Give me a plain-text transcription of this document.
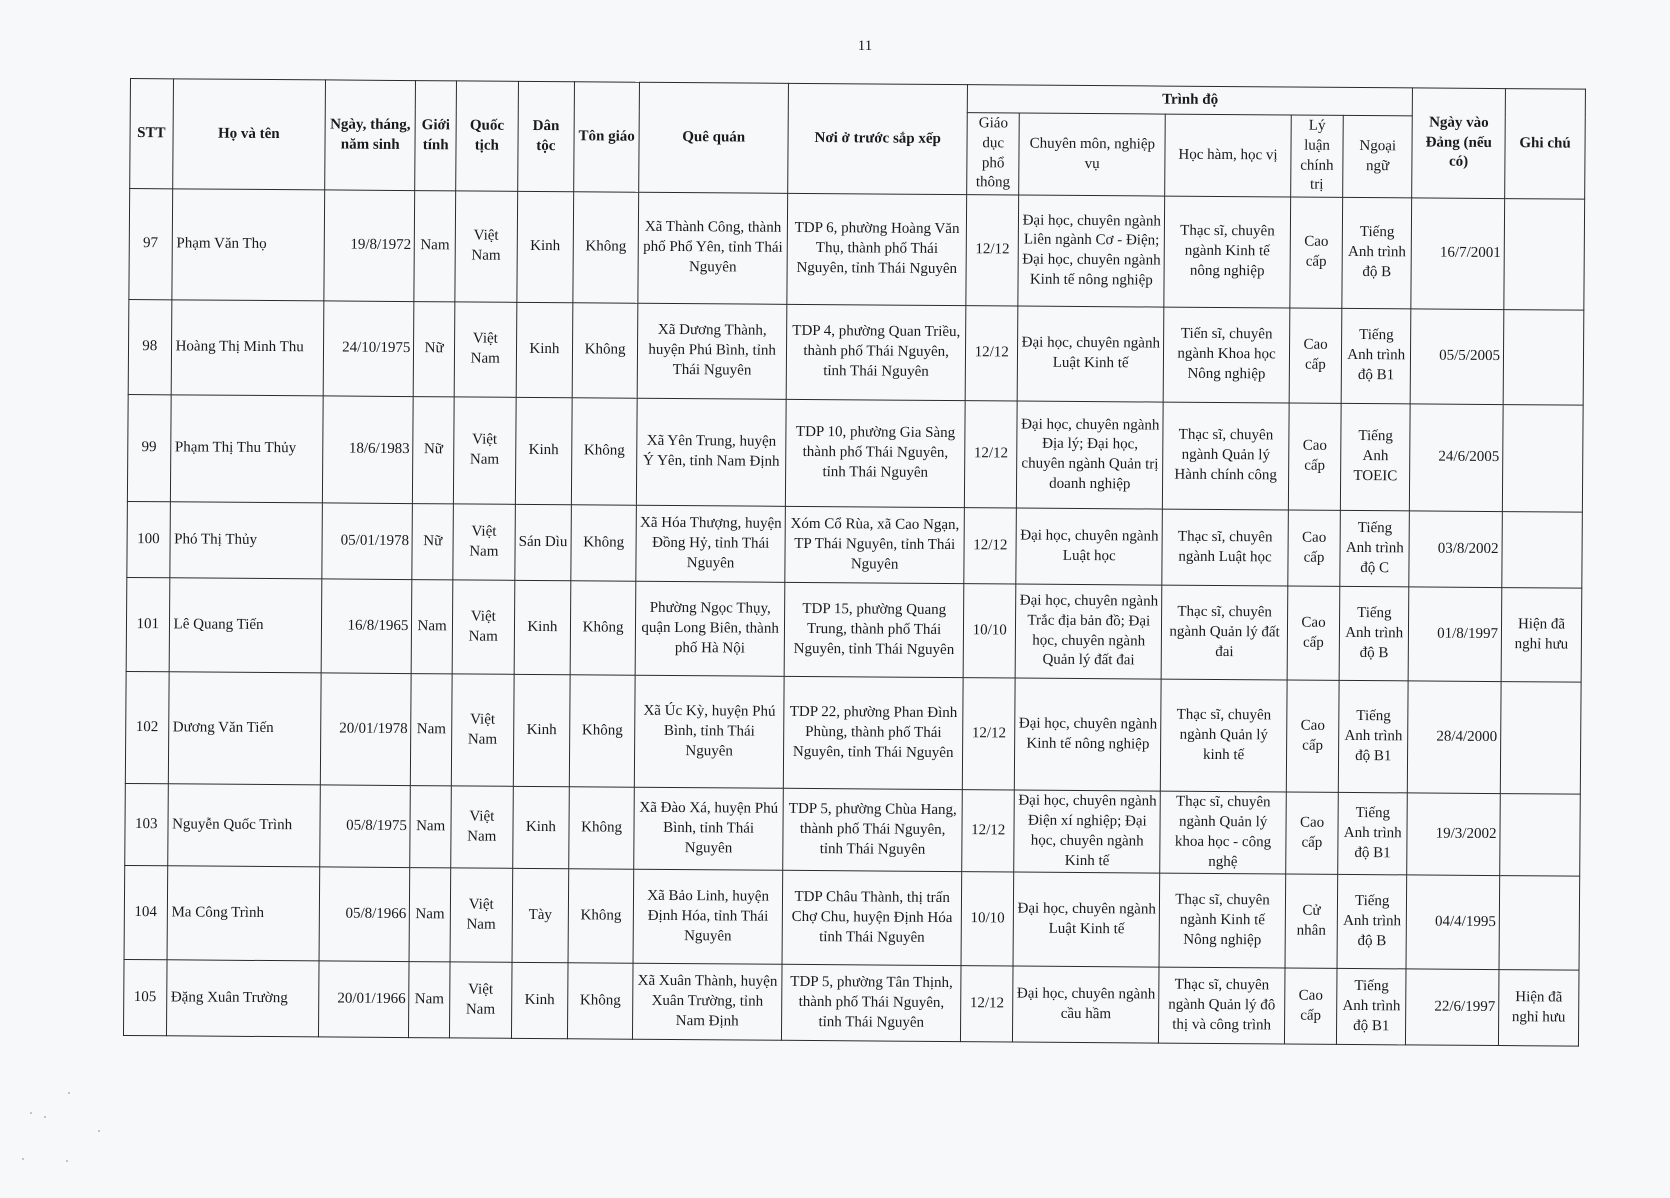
11
STT	Họ và tên	Ngày, tháng, năm sinh	Giới tính	Quốc tịch	Dân tộc	Tôn giáo	Quê quán	Nơi ở trước sắp xếp	Trình độ					Ngày vào Đảng (nếu có)	Ghi chú
									Giáo dục phổ thông	Chuyên môn, nghiệp vụ	Học hàm, học vị	Lý luận chính trị	Ngoại ngữ		
97	Phạm Văn Thọ	19/8/1972	Nam	Việt Nam	Kinh	Không	Xã Thành Công, thành phố Phổ Yên, tỉnh Thái Nguyên	TDP 6, phường Hoàng Văn Thụ, thành phố Thái Nguyên, tỉnh Thái Nguyên	12/12	Đại học, chuyên ngành Liên ngành Cơ - Điện; Đại học, chuyên ngành Kinh tế nông nghiệp	Thạc sĩ, chuyên ngành Kinh tế nông nghiệp	Cao cấp	Tiếng Anh trình độ B	16/7/2001	
98	Hoàng Thị Minh Thu	24/10/1975	Nữ	Việt Nam	Kinh	Không	Xã Dương Thành, huyện Phú Bình, tỉnh Thái Nguyên	TDP 4, phường Quan Triều, thành phố Thái Nguyên, tỉnh Thái Nguyên	12/12	Đại học, chuyên ngành Luật Kinh tế	Tiến sĩ, chuyên ngành Khoa học Nông nghiệp	Cao cấp	Tiếng Anh trình độ B1	05/5/2005	
99	Phạm Thị Thu Thủy	18/6/1983	Nữ	Việt Nam	Kinh	Không	Xã Yên Trung, huyện Ý Yên, tỉnh Nam Định	TDP 10, phường Gia Sàng thành phố Thái Nguyên, tỉnh Thái Nguyên	12/12	Đại học, chuyên ngành Địa lý; Đại học, chuyên ngành Quản trị doanh nghiệp	Thạc sĩ, chuyên ngành Quản lý Hành chính công	Cao cấp	Tiếng Anh TOEIC	24/6/2005	
100	Phó Thị Thủy	05/01/1978	Nữ	Việt Nam	Sán Dìu	Không	Xã Hóa Thượng, huyện Đồng Hỷ, tỉnh Thái Nguyên	Xóm Cổ Rùa, xã Cao Ngạn, TP Thái Nguyên, tỉnh Thái Nguyên	12/12	Đại học, chuyên ngành Luật học	Thạc sĩ, chuyên ngành Luật học	Cao cấp	Tiếng Anh trình độ C	03/8/2002	
101	Lê Quang Tiến	16/8/1965	Nam	Việt Nam	Kinh	Không	Phường Ngọc Thụy, quận Long Biên, thành phố Hà Nội	TDP 15, phường Quang Trung, thành phố Thái Nguyên, tỉnh Thái Nguyên	10/10	Đại học, chuyên ngành Trắc địa bản đồ; Đại học, chuyên ngành Quản lý đất đai	Thạc sĩ, chuyên ngành Quản lý đất đai	Cao cấp	Tiếng Anh trình độ B	01/8/1997	Hiện đã nghỉ hưu
102	Dương Văn Tiến	20/01/1978	Nam	Việt Nam	Kinh	Không	Xã Úc Kỳ, huyện Phú Bình, tỉnh Thái Nguyên	TDP 22, phường Phan Đình Phùng, thành phố Thái Nguyên, tỉnh Thái Nguyên	12/12	Đại học, chuyên ngành Kinh tế nông nghiệp	Thạc sĩ, chuyên ngành Quản lý kinh tế	Cao cấp	Tiếng Anh trình độ B1	28/4/2000	
103	Nguyễn Quốc Trình	05/8/1975	Nam	Việt Nam	Kinh	Không	Xã Đào Xá, huyện Phú Bình, tỉnh Thái Nguyên	TDP 5, phường Chùa Hang, thành phố Thái Nguyên, tỉnh Thái Nguyên	12/12	Đại học, chuyên ngành Điện xí nghiệp; Đại học, chuyên ngành Kinh tế	Thạc sĩ, chuyên ngành Quản lý khoa học - công nghệ	Cao cấp	Tiếng Anh trình độ B1	19/3/2002	
104	Ma Công Trình	05/8/1966	Nam	Việt Nam	Tày	Không	Xã Bảo Linh, huyện Định Hóa, tỉnh Thái Nguyên	TDP Châu Thành, thị trấn Chợ Chu, huyện Định Hóa tỉnh Thái Nguyên	10/10	Đại học, chuyên ngành Luật Kinh tế	Thạc sĩ, chuyên ngành Kinh tế Nông nghiệp	Cử nhân	Tiếng Anh trình độ B	04/4/1995	
105	Đặng Xuân Trường	20/01/1966	Nam	Việt Nam	Kinh	Không	Xã Xuân Thành, huyện Xuân Trường, tỉnh Nam Định	TDP 5, phường Tân Thịnh, thành phố Thái Nguyên, tỉnh Thái Nguyên	12/12	Đại học, chuyên ngành cầu hầm	Thạc sĩ, chuyên ngành Quản lý đô thị và công trình	Cao cấp	Tiếng Anh trình độ B1	22/6/1997	Hiện đã nghỉ hưu
